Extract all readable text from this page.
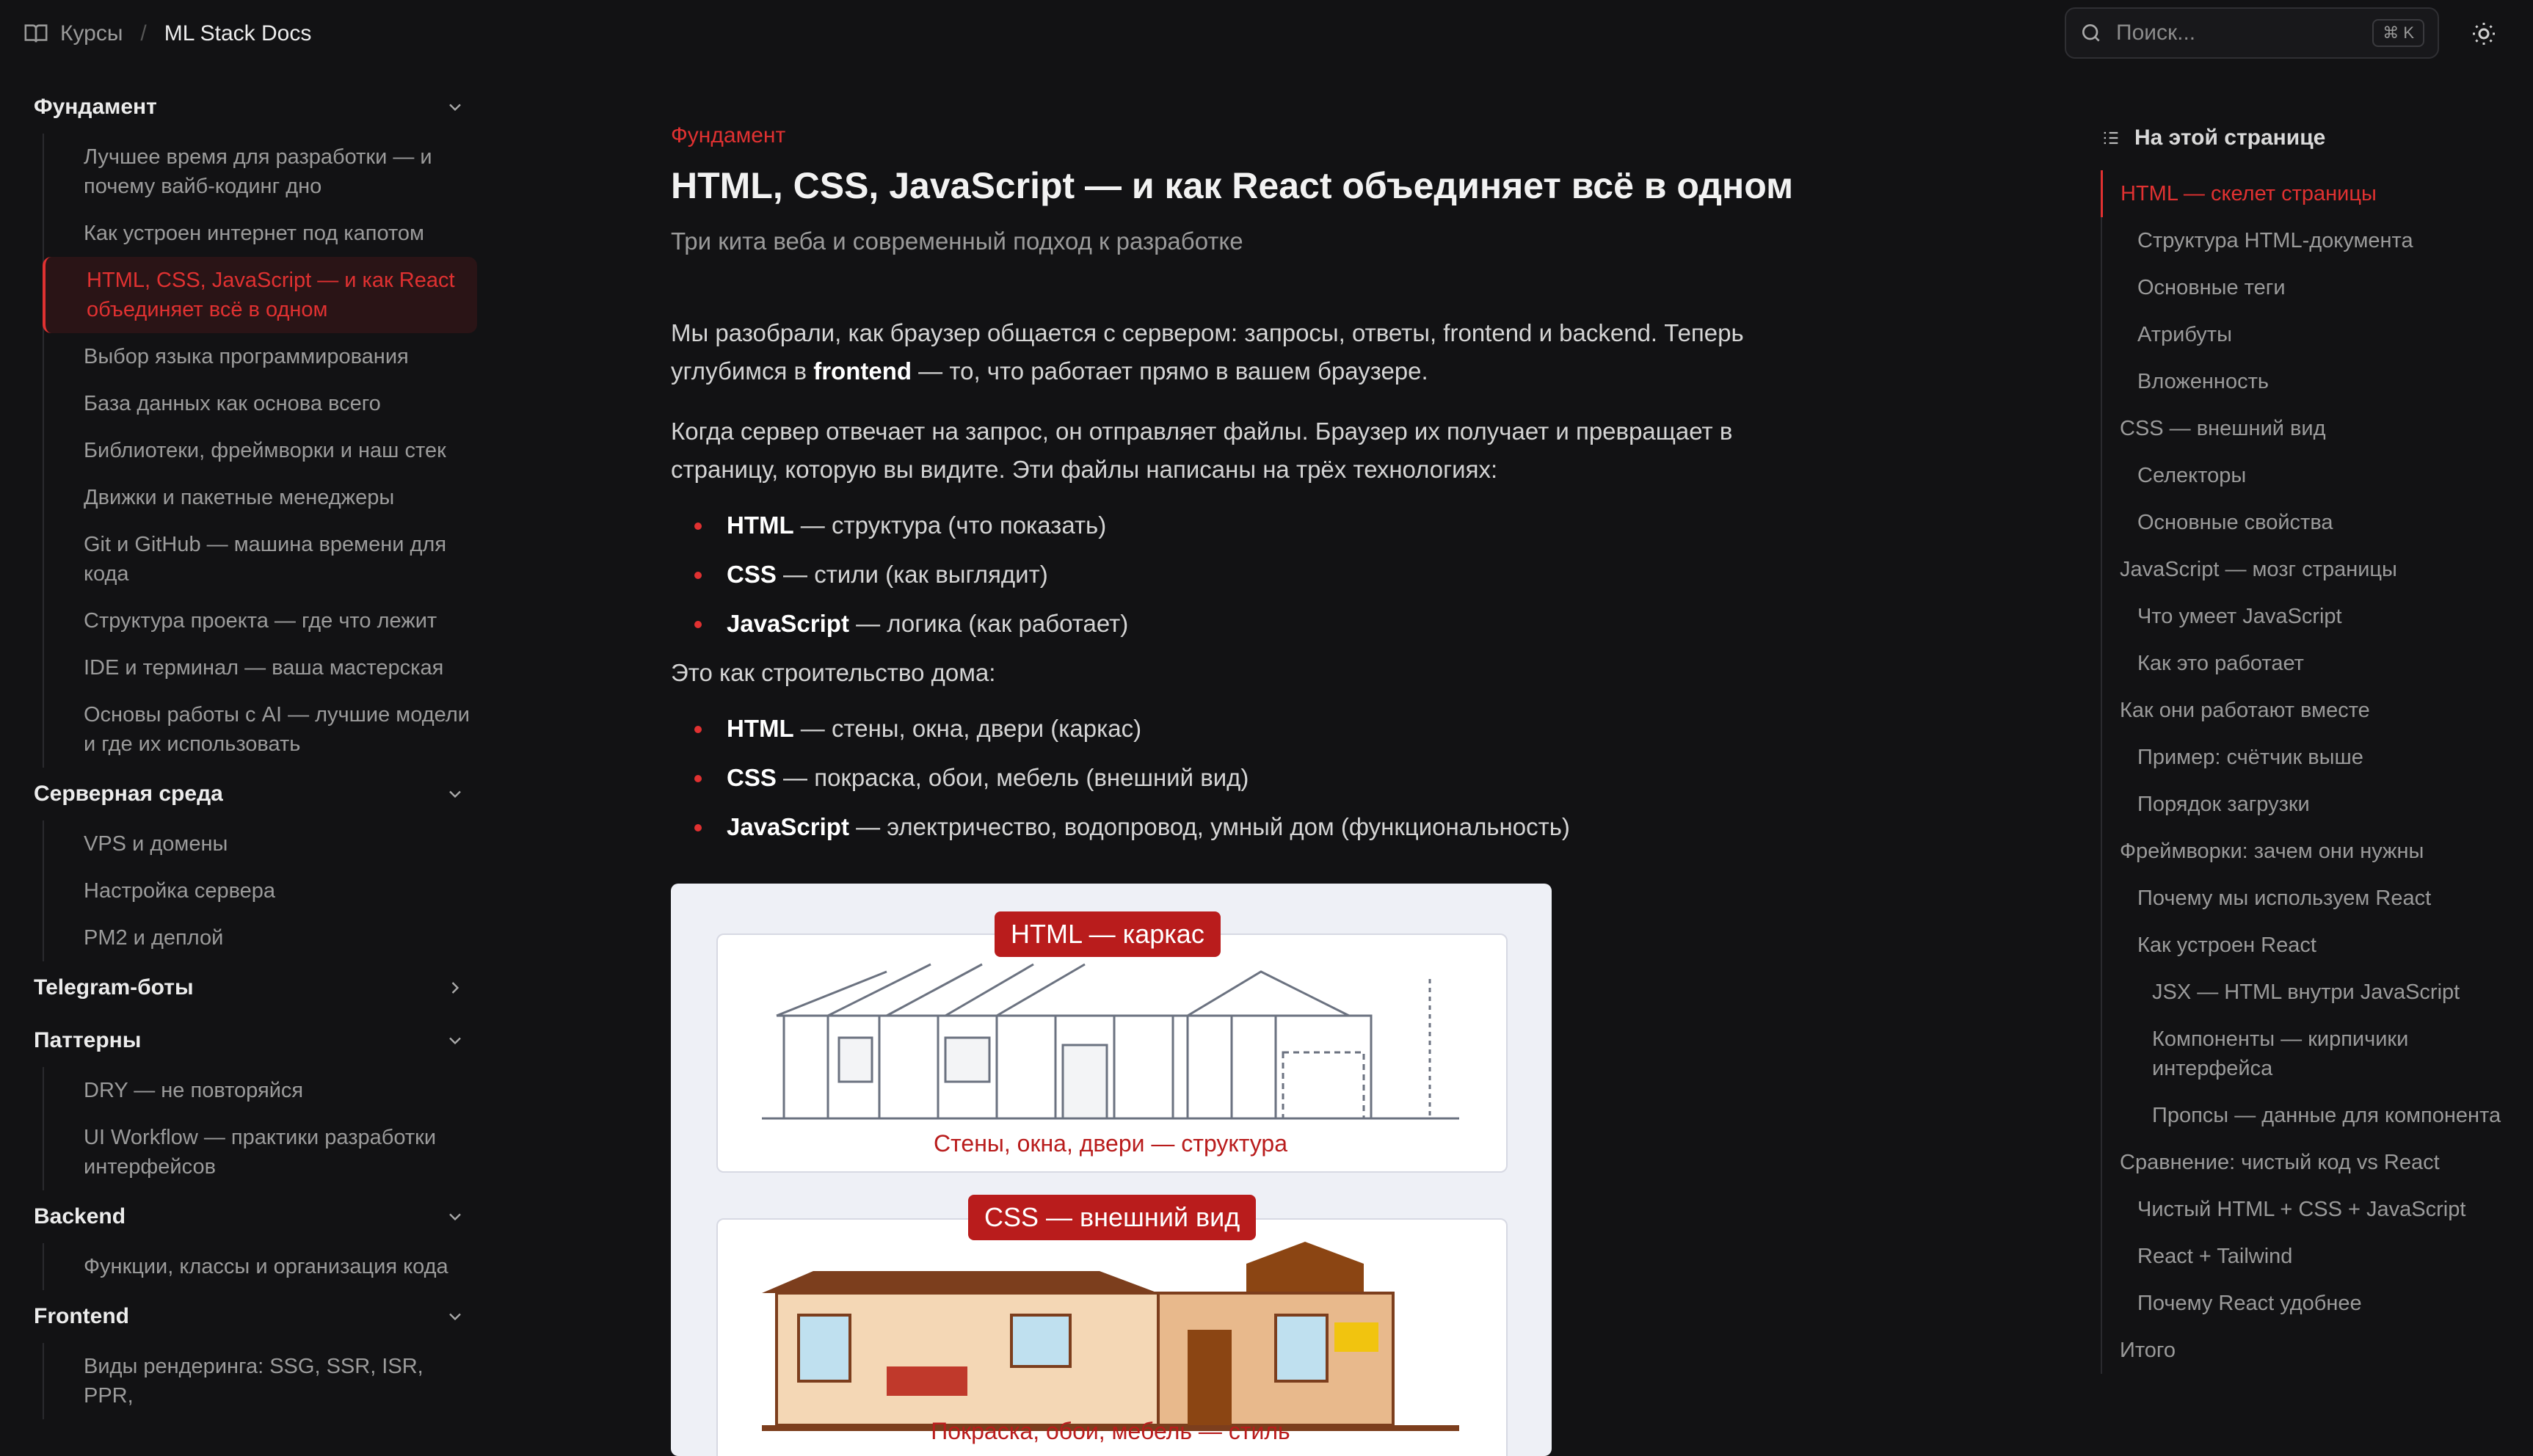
Курсы / ML Stack Docs	Поиск...	⌘ K
Фундамент
Лучшее время для разработки — и почему вайб-кодинг дно
Как устроен интернет под капотом
HTML, CSS, JavaScript — и как React объединяет всё в одном
Выбор языка программирования
База данных как основа всего
Библиотеки, фреймворки и наш стек
Движки и пакетные менеджеры
Git и GitHub — машина времени для кода
Структура проекта — где что лежит
IDE и терминал — ваша мастерская
Основы работы с AI — лучшие модели и где их использовать
Серверная среда
VPS и домены
Настройка сервера
PM2 и деплой
Telegram-боты
Паттерны
DRY — не повторяйся
UI Workflow — практики разработки интерфейсов
Backend
Функции, классы и организация кода
Frontend
Виды рендеринга: SSG, SSR, ISR, PPR,
Фундамент
HTML, CSS, JavaScript — и как React объединяет всё в одном
Три кита веба и современный подход к разработке
Мы разобрали, как браузер общается с сервером: запросы, ответы, frontend и backend. Теперь углубимся в frontend — то, что работает прямо в вашем браузере.
Когда сервер отвечает на запрос, он отправляет файлы. Браузер их получает и превращает в страницу, которую вы видите. Эти файлы написаны на трёх технологиях:
HTML — структура (что показать)
CSS — стили (как выглядит)
JavaScript — логика (как работает)
Это как строительство дома:
HTML — стены, окна, двери (каркас)
CSS — покраска, обои, мебель (внешний вид)
JavaScript — электричество, водопровод, умный дом (функциональность)
HTML — каркас
Стены, окна, двери — структура
CSS — внешний вид
Покраска, обои, мебель — стиль
На этой странице
HTML — скелет страницы
Структура HTML-документа
Основные теги
Атрибуты
Вложенность
CSS — внешний вид
Селекторы
Основные свойства
JavaScript — мозг страницы
Что умеет JavaScript
Как это работает
Как они работают вместе
Пример: счётчик выше
Порядок загрузки
Фреймворки: зачем они нужны
Почему мы используем React
Как устроен React
JSX — HTML внутри JavaScript
Компоненты — кирпичики интерфейса
Пропсы — данные для компонента
Сравнение: чистый код vs React
Чистый HTML + CSS + JavaScript
React + Tailwind
Почему React удобнее
Итого
